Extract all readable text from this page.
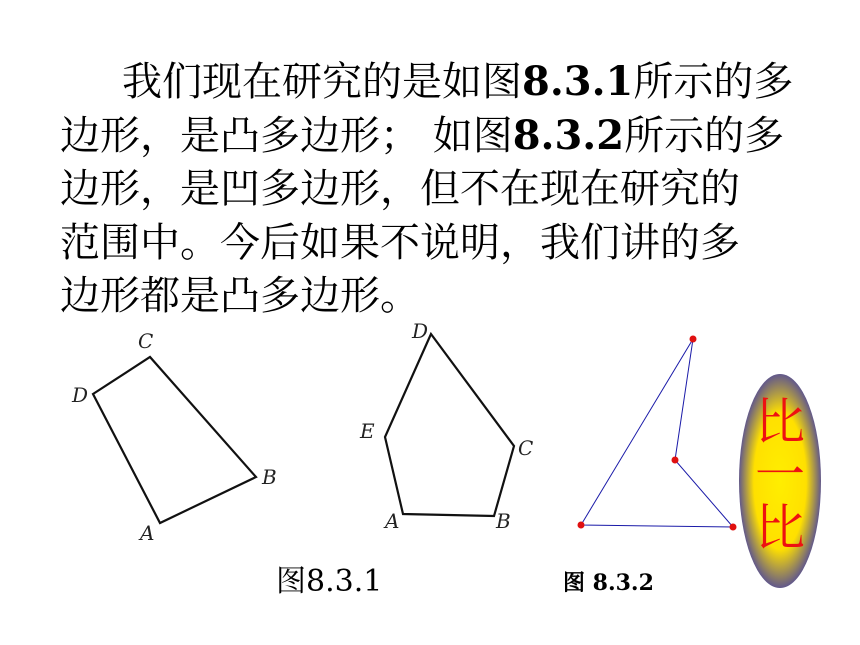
我们现在研究的是如图8.3.1所示的多
边形，是凸多边形； 如图8.3.2所示的多
边形，是凹多边形，但不在现在研究的
范围中。今后如果不说明，我们讲的多
边形都是凸多边形。
C
D
B
A
D
E
C
A	B
比
一
比
图8.3.1	图 8.3.2
